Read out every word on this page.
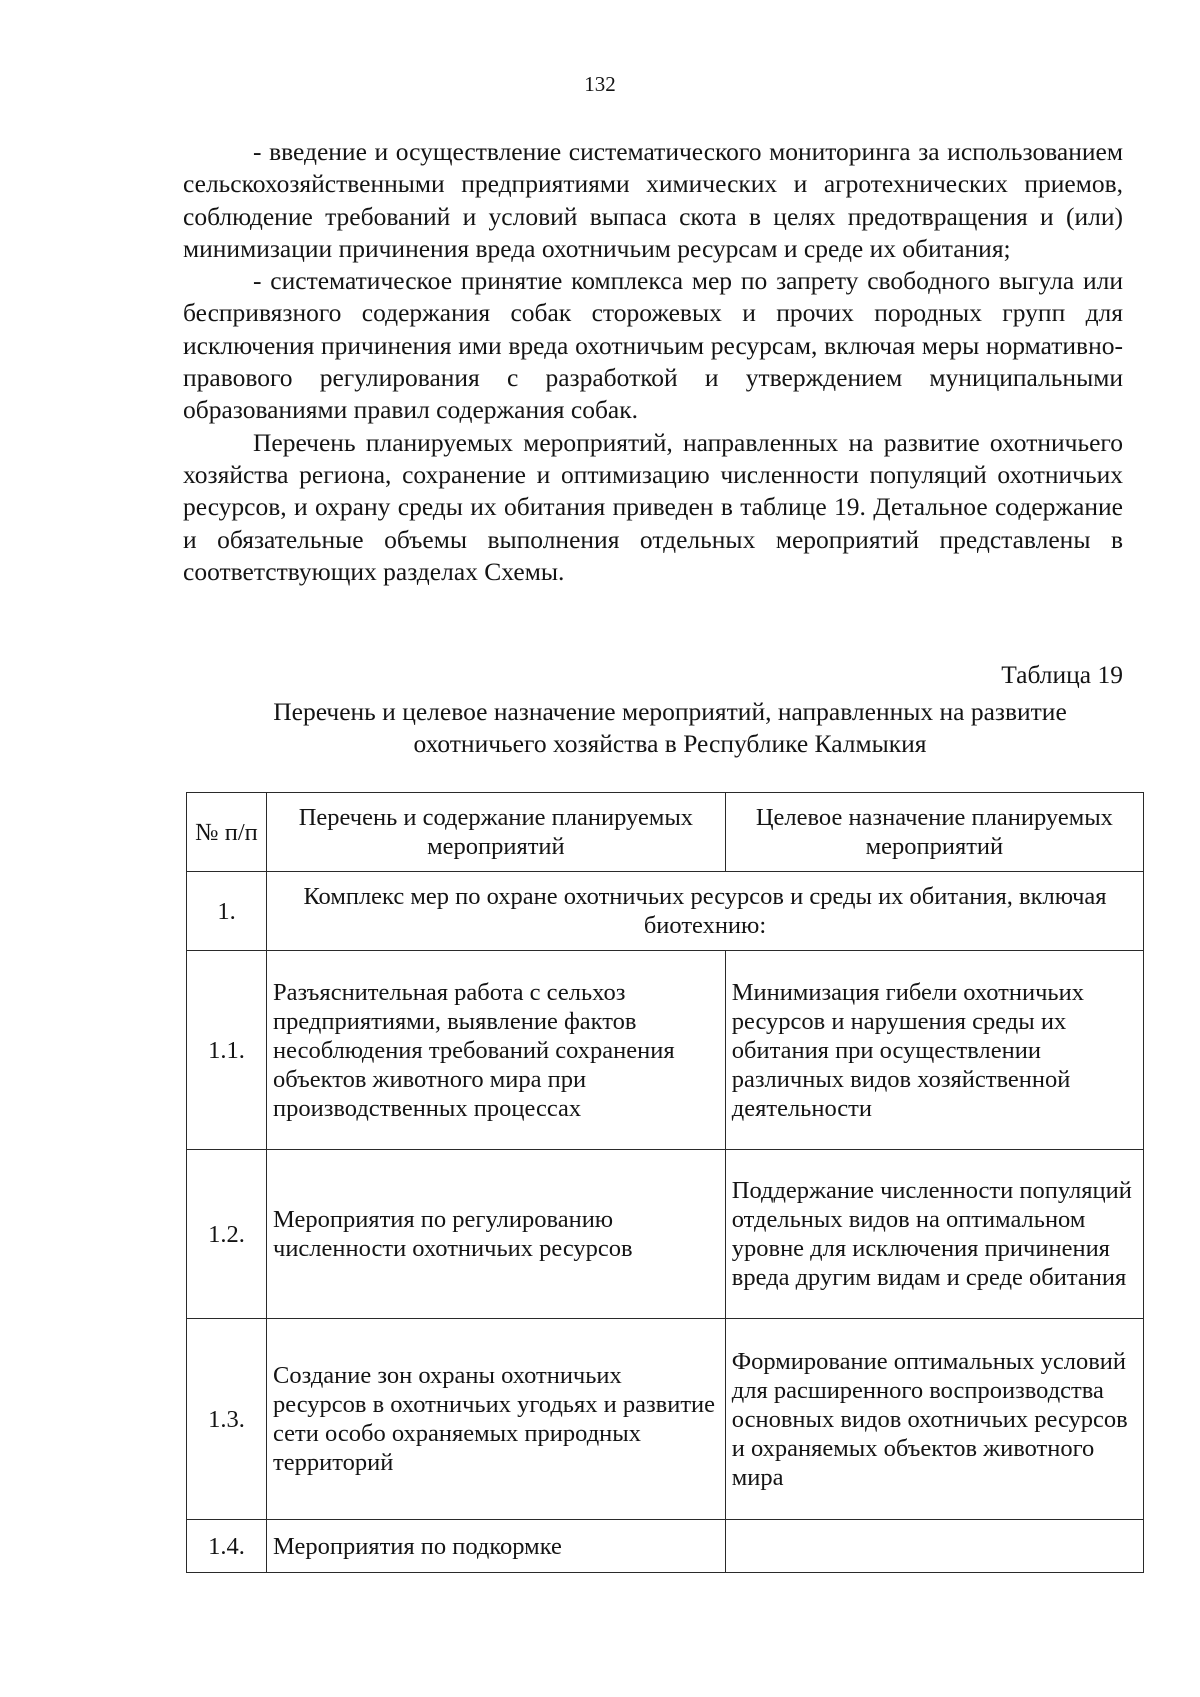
132

- введение и осуществление систематического мониторинга за использованием сельскохозяйственными предприятиями химических и агротехнических приемов, соблюдение требований и условий выпаса скота в целях предотвращения и (или) минимизации причинения вреда охотничьим ресурсам и среде их обитания;

- систематическое принятие комплекса мер по запрету свободного выгула или беспривязного содержания собак сторожевых и прочих породных групп для исключения причинения ими вреда охотничьим ресурсам, включая меры нормативно-правового регулирования с разработкой и утверждением муниципальными образованиями правил содержания собак.

Перечень планируемых мероприятий, направленных на развитие охотничьего хозяйства региона, сохранение и оптимизацию численности популяций охотничьих ресурсов, и охрану среды их обитания приведен в таблице 19. Детальное содержание и обязательные объемы выполнения отдельных мероприятий представлены в соответствующих разделах Схемы.

Таблица 19
Перечень и целевое назначение мероприятий, направленных на развитие
охотничьего хозяйства в Республике Калмыкия
№ п/п	Перечень и содержание планируемых мероприятий	Целевое назначение планируемых мероприятий
1.	Комплекс мер по охране охотничьих ресурсов и среды их обитания, включая биотехнию:	
1.1.	Разъяснительная работа с сельхоз предприятиями, выявление фактов несоблюдения требований сохранения объектов животного мира при производственных процессах	Минимизация гибели охотничьих ресурсов и нарушения среды их обитания при осуществлении различных видов хозяйственной деятельности
1.2.	Мероприятия по регулированию численности охотничьих ресурсов	Поддержание численности популяций отдельных видов на оптимальном уровне для исключения причинения вреда другим видам и среде обитания
1.3.	Создание зон охраны охотничьих ресурсов в охотничьих угодьях и развитие сети особо охраняемых природных территорий	Формирование оптимальных условий для расширенного воспроизводства основных видов охотничьих ресурсов и охраняемых объектов животного мира
1.4.	Мероприятия по подкормке	
